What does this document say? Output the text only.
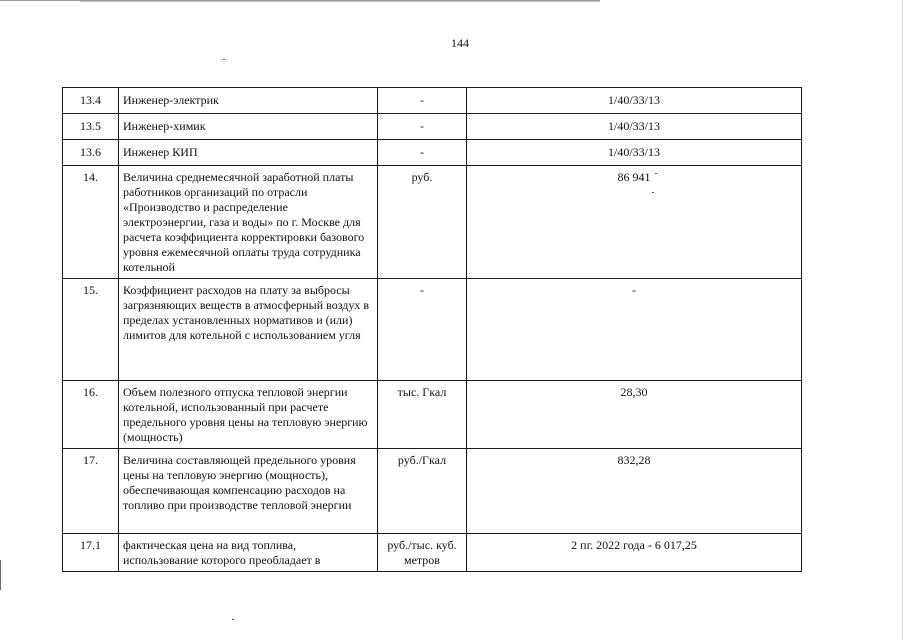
144
13.4	Инженер-электрик	-	1/40/33/13
13.5	Инженер-химик	-	1/40/33/13
13.6	Инженер КИП	-	1/40/33/13
14.	Величина среднемесячной заработной платы работников организаций по отрасли «Производство и распределение электроэнергии, газа и воды» по г. Москве для расчета коэффициента корректировки базового уровня ежемесячной оплаты труда сотрудника котельной	руб.	86 941
15.	Коэффициент расходов на плату за выбросы загрязняющих веществ в атмосферный воздух в пределах установленных нормативов и (или) лимитов для котельной с использованием угля	-	-
16.	Объем полезного отпуска тепловой энергии котельной, использованный при расчете предельного уровня цены на тепловую энергию (мощность)	тыс. Гкал	28,30
17.	Величина составляющей предельного уровня цены на тепловую энергию (мощность), обеспечивающая компенсацию расходов на топливо при производстве тепловой энергии	руб./Гкал	832,28
17.1	фактическая цена на вид топлива, использование которого преобладает в	руб./тыс. куб. метров	2 пг. 2022 года - 6 017,25
